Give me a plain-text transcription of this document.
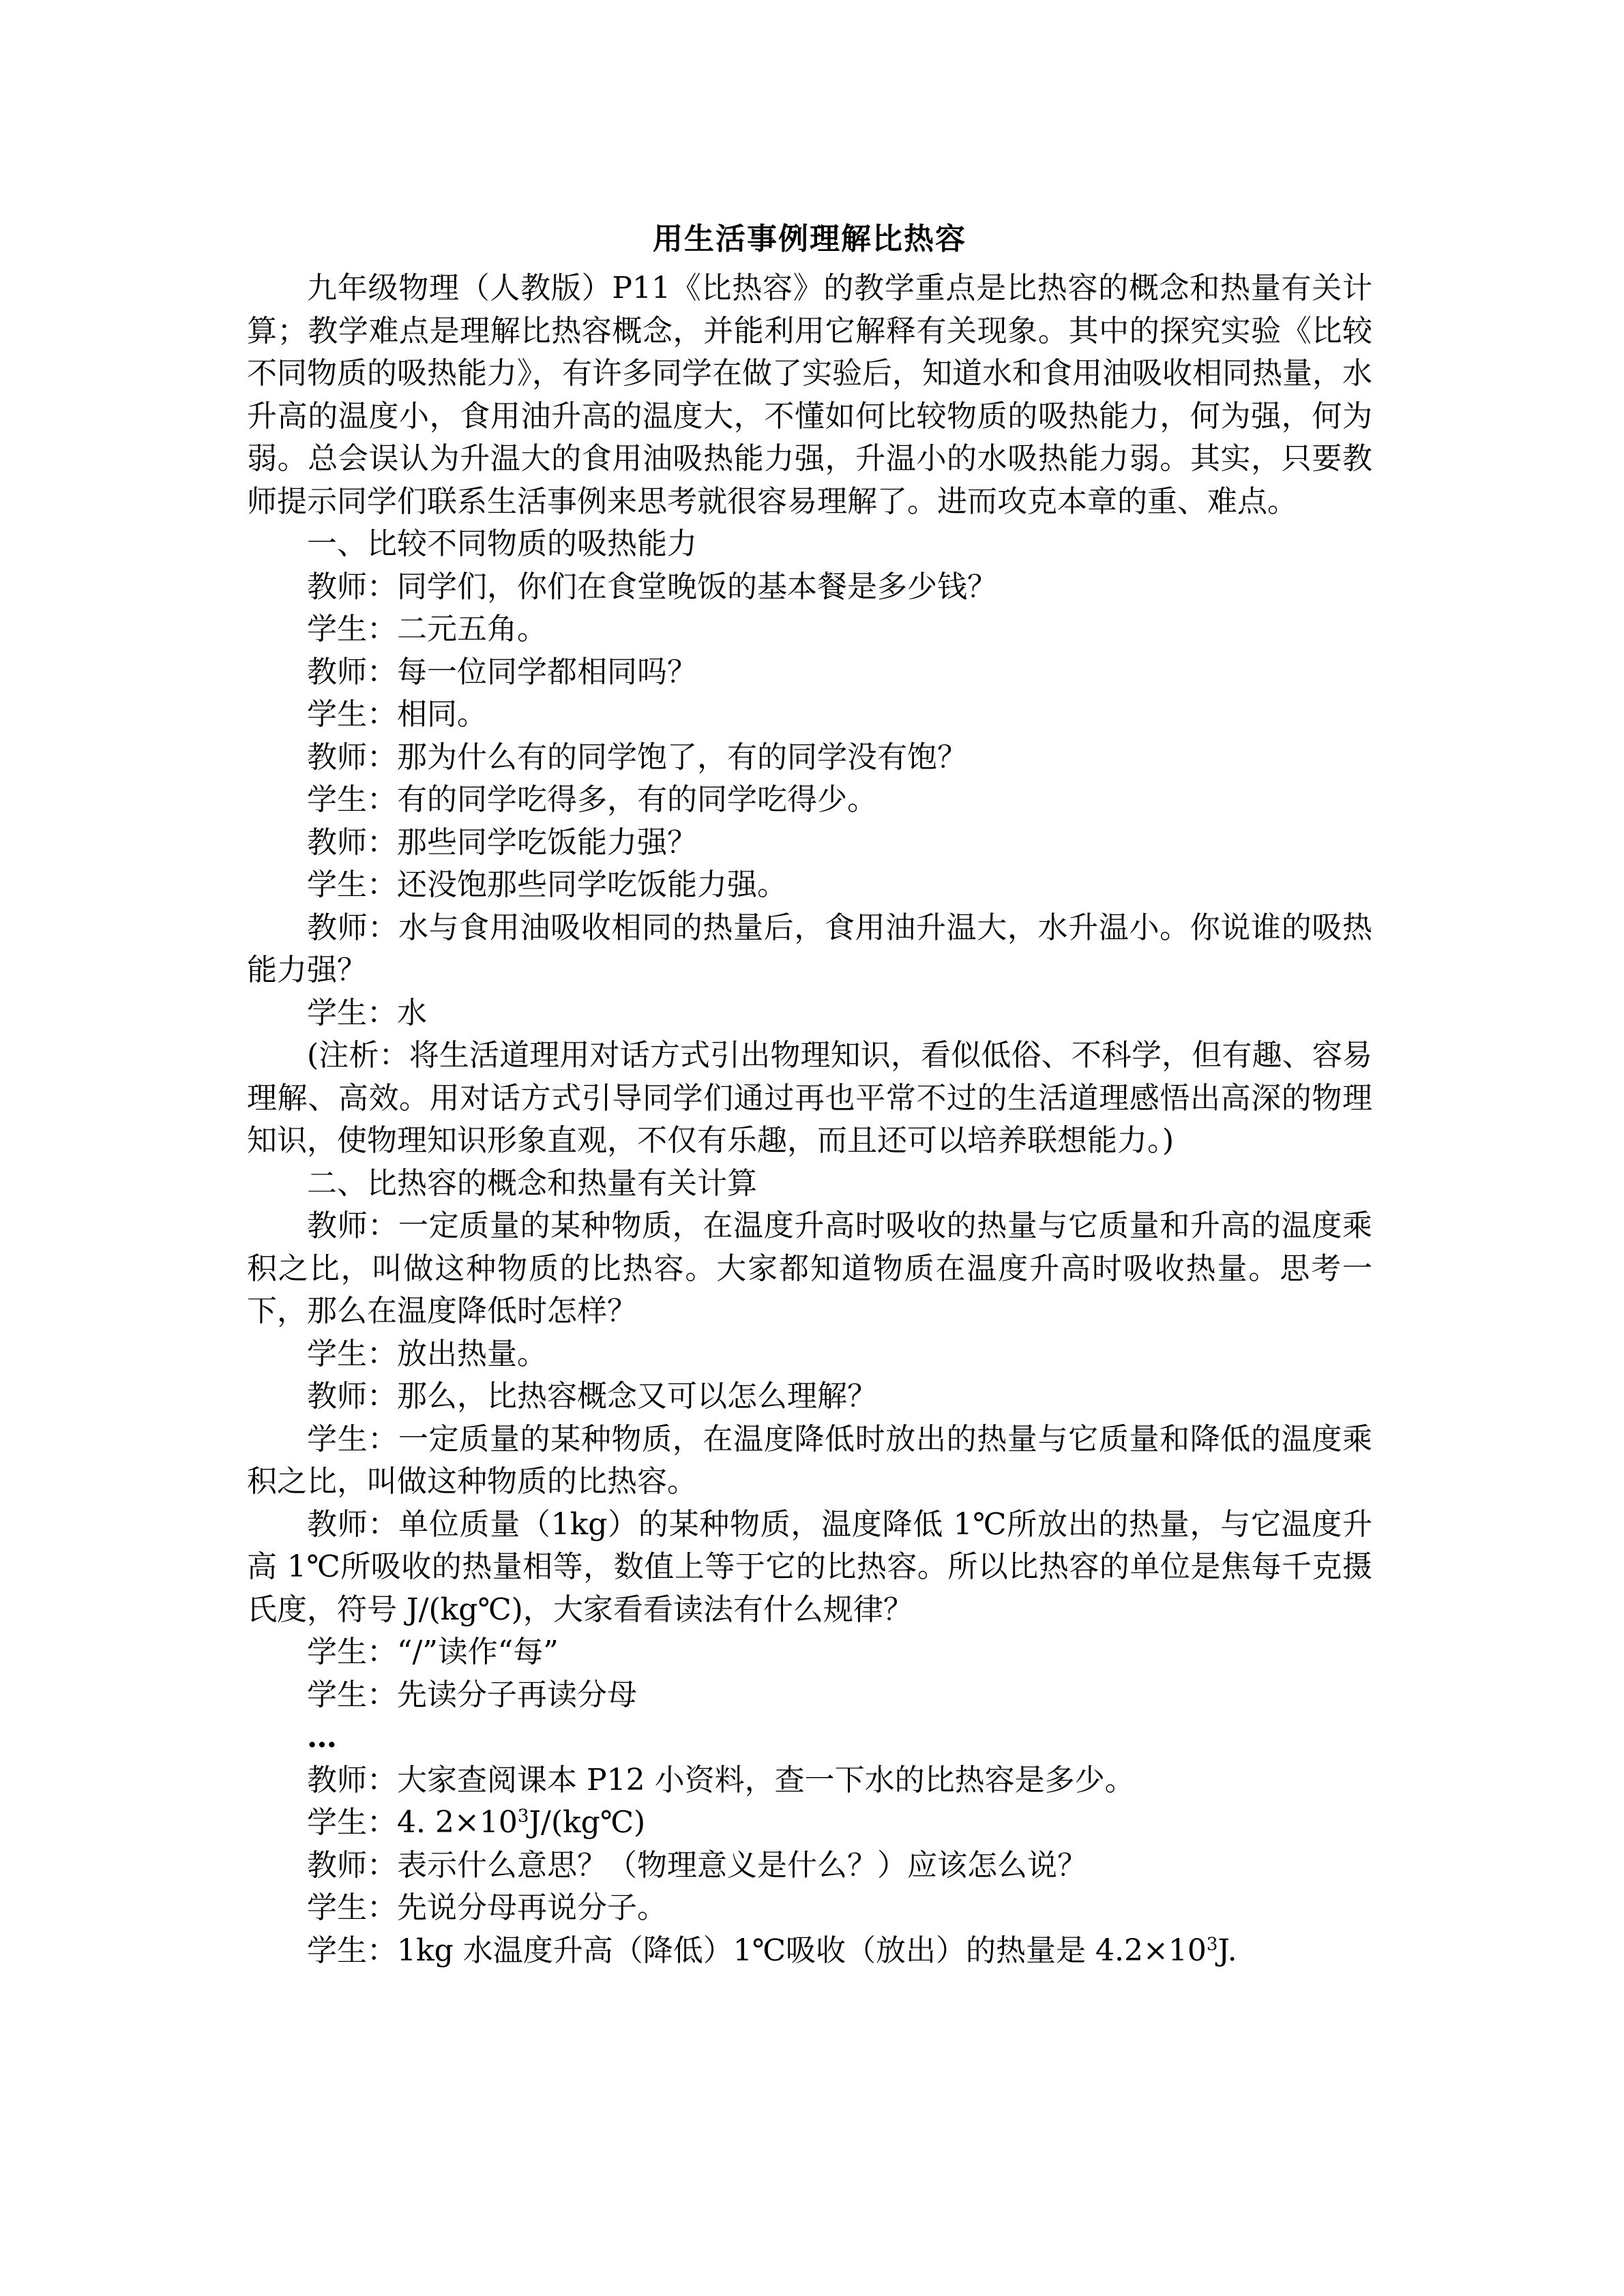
用生活事例理解比热容

九年级物理（人教版）P11《比热容》的教学重点是比热容的概念和热量有关计算；教学难点是理解比热容概念，并能利用它解释有关现象。其中的探究实验《比较不同物质的吸热能力》，有许多同学在做了实验后，知道水和食用油吸收相同热量，水升高的温度小，食用油升高的温度大，不懂如何比较物质的吸热能力，何为强，何为弱。总会误认为升温大的食用油吸热能力强，升温小的水吸热能力弱。其实，只要教师提示同学们联系生活事例来思考就很容易理解了。进而攻克本章的重、难点。

一、比较不同物质的吸热能力

教师：同学们，你们在食堂晚饭的基本餐是多少钱？

学生：二元五角。

教师：每一位同学都相同吗？

学生：相同。

教师：那为什么有的同学饱了，有的同学没有饱？

学生：有的同学吃得多，有的同学吃得少。

教师：那些同学吃饭能力强？

学生：还没饱那些同学吃饭能力强。

教师：水与食用油吸收相同的热量后，食用油升温大，水升温小。你说谁的吸热能力强？

学生：水

(注析：将生活道理用对话方式引出物理知识，看似低俗、不科学，但有趣、容易理解、高效。用对话方式引导同学们通过再也平常不过的生活道理感悟出高深的物理知识，使物理知识形象直观，不仅有乐趣，而且还可以培养联想能力。)

二、比热容的概念和热量有关计算

教师：一定质量的某种物质，在温度升高时吸收的热量与它质量和升高的温度乘积之比，叫做这种物质的比热容。大家都知道物质在温度升高时吸收热量。思考一下，那么在温度降低时怎样？

学生：放出热量。

教师：那么，比热容概念又可以怎么理解？

学生：一定质量的某种物质，在温度降低时放出的热量与它质量和降低的温度乘积之比，叫做这种物质的比热容。

教师：单位质量（1kg）的某种物质，温度降低 1℃所放出的热量，与它温度升高 1℃所吸收的热量相等，数值上等于它的比热容。所以比热容的单位是焦每千克摄氏度，符号 J/(kg℃)，大家看看读法有什么规律？

学生：“/”读作“每”

学生：先读分子再读分母

…

教师：大家查阅课本 P12 小资料，查一下水的比热容是多少。

学生：4. $2\times 10^3J/(kg℃)$

教师：表示什么意思？（物理意义是什么？）应该怎么说？

学生：先说分母再说分子。

学生：1kg 水温度升高（降低）1℃吸收（放出）的热量是 $4.2\times 10^3J$.
